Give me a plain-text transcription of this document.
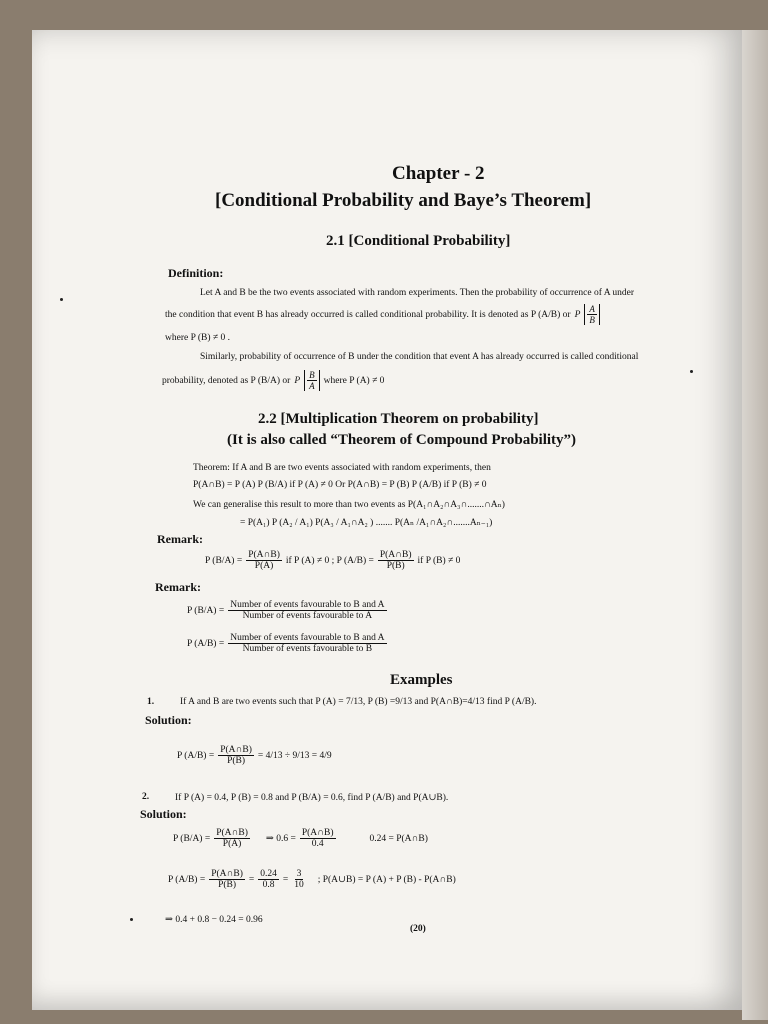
Chapter - 2
[Conditional Probability and Baye’s Theorem]
2.1 [Conditional Probability]
Definition:
Let A and B be the two events associated with random experiments. Then the probability of occurrence of A under
the condition that event B has already occurred is called conditional probability. It is denoted as P (A/B) or P $\frac{A}{B}$
where P (B) ≠ 0 .
Similarly, probability of occurrence of B under the condition that event A has already occurred is called conditional
probability, denoted as P (B/A) or P $\frac{B}{A}$ where P (A) ≠ 0
2.2 [Multiplication Theorem on probability]
(It is also called “Theorem of Compound Probability”)
Theorem: If A and B are two events associated with random experiments, then
P(A∩B) = P (A) P (B/A) if P (A) ≠ 0 Or P(A∩B) = P (B) P (A/B) if P (B) ≠ 0
We can generalise this result to more than two events as P(A₁∩A₂∩A₃∩.......∩Aₙ)
= P(A₁) P (A₂ / A₁) P(A₃ / A₁∩A₂ ) ....... P(Aₙ /A₁∩A₂∩.......Aₙ₋₁)
Remark:
P $(B/A) = \frac{P(A\cap B)}{P(A)}$ if P (A) ≠ 0 ; P $(A/B) = \frac{P(A\cap B)}{P(B)}$ if P (B) ≠ 0
Remark:
P $(B/A) = \frac{\text{Number of events favourable to B and A}}{\text{Number of events favourable to A}}$
P $(A/B) = \frac{\text{Number of events favourable to B and A}}{\text{Number of events favourable to B}}$
Examples
1.	If A and B are two events such that P (A) = 7/13, P (B) =9/13 and P(A∩B)=4/13 find P (A/B).
Solution:
P $(A/B) = \frac{P(A\cap B)}{P(B)} = 4/13 \div 9/13 = 4/9$
2.	If P (A) = 0.4, P (B) = 0.8 and P (B/A) = 0.6, find P (A/B) and P(A∪B).
Solution:
P $(B/A) = \frac{P(A\cap B)}{P(A)}$ ⇒ $0.6 = \frac{P(A\cap B)}{0.4}$	0.24 = P(A∩B)
P $(A/B) = \frac{P(A\cap B)}{P(B)} = \frac{0.24}{0.8} = \frac{3}{10}$ ; P(A∪B) = P (A) + P (B) - P(A∩B)
⇒ 0.4 + 0.8 − 0.24 = 0.96
(20)
